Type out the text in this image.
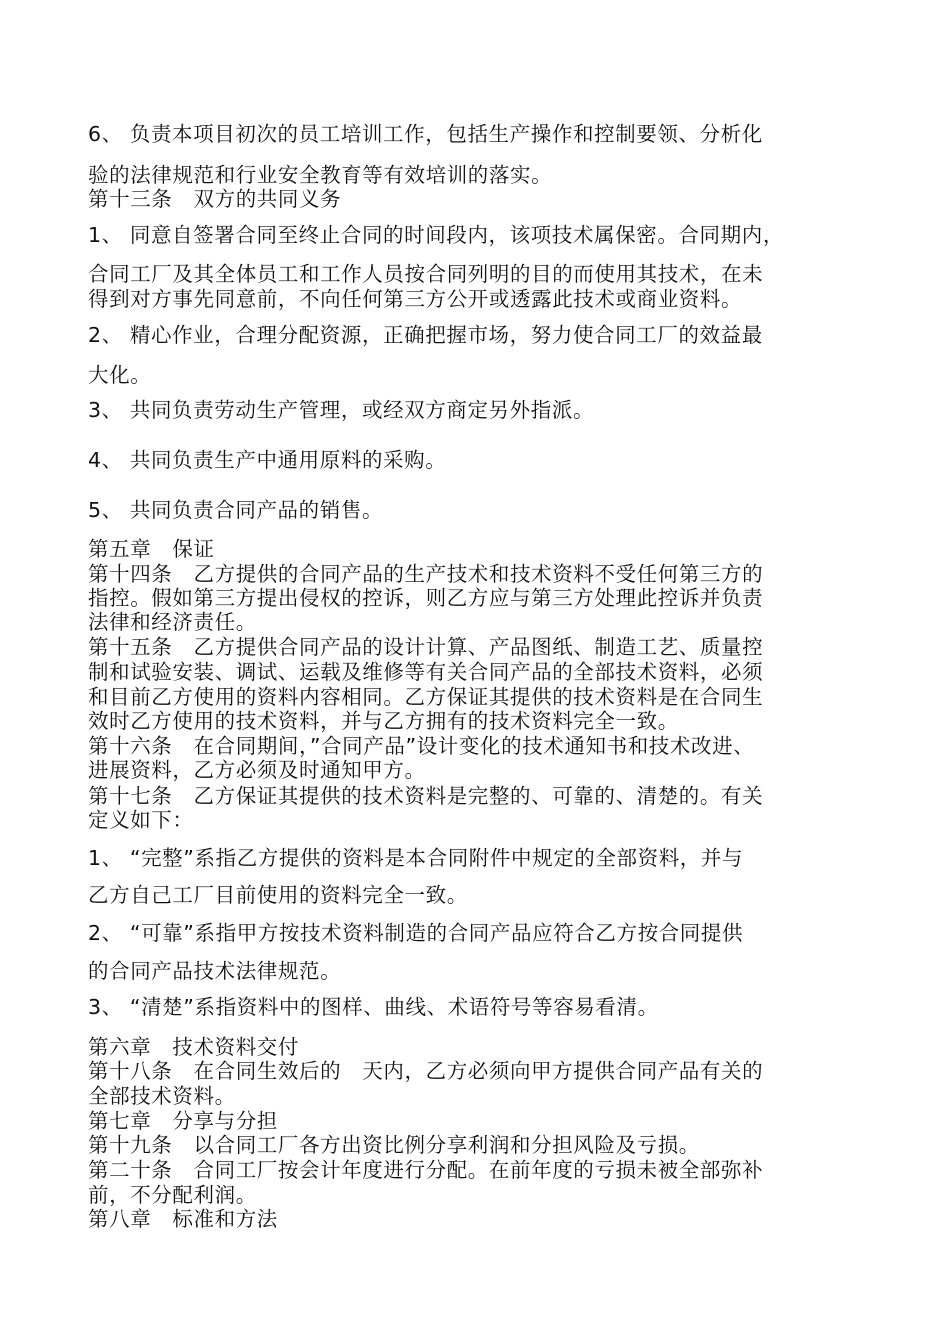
6、 负责本项目初次的员工培训工作，包括生产操作和控制要领、分析化

验的法律规范和行业安全教育等有效培训的落实。

第十三条　双方的共同义务

1、 同意自签署合同至终止合同的时间段内，该项技术属保密。合同期内，

合同工厂及其全体员工和工作人员按合同列明的目的而使用其技术，在未

得到对方事先同意前，不向任何第三方公开或透露此技术或商业资料。

2、 精心作业，合理分配资源，正确把握市场，努力使合同工厂的效益最

大化。

3、 共同负责劳动生产管理，或经双方商定另外指派。

4、 共同负责生产中通用原料的采购。

5、 共同负责合同产品的销售。

第五章　保证

第十四条　乙方提供的合同产品的生产技术和技术资料不受任何第三方的

指控。假如第三方提出侵权的控诉，则乙方应与第三方处理此控诉并负责

法律和经济责任。

第十五条　乙方提供合同产品的设计计算、产品图纸、制造工艺、质量控

制和试验安装、调试、运载及维修等有关合同产品的全部技术资料，必须

和目前乙方使用的资料内容相同。乙方保证其提供的技术资料是在合同生

效时乙方使用的技术资料，并与乙方拥有的技术资料完全一致。

第十六条　在合同期间，”合同产品”设计变化的技术通知书和技术改进、

进展资料，乙方必须及时通知甲方。

第十七条　乙方保证其提供的技术资料是完整的、可靠的、清楚的。有关

定义如下：

1、 “完整”系指乙方提供的资料是本合同附件中规定的全部资料，并与

乙方自己工厂目前使用的资料完全一致。

2、 “可靠”系指甲方按技术资料制造的合同产品应符合乙方按合同提供

的合同产品技术法律规范。

3、 “清楚”系指资料中的图样、曲线、术语符号等容易看清。

第六章　技术资料交付

第十八条　在合同生效后的　天内，乙方必须向甲方提供合同产品有关的

全部技术资料。

第七章　分享与分担

第十九条　以合同工厂各方出资比例分享利润和分担风险及亏损。

第二十条　合同工厂按会计年度进行分配。在前年度的亏损未被全部弥补

前，不分配利润。

第八章　标准和方法
